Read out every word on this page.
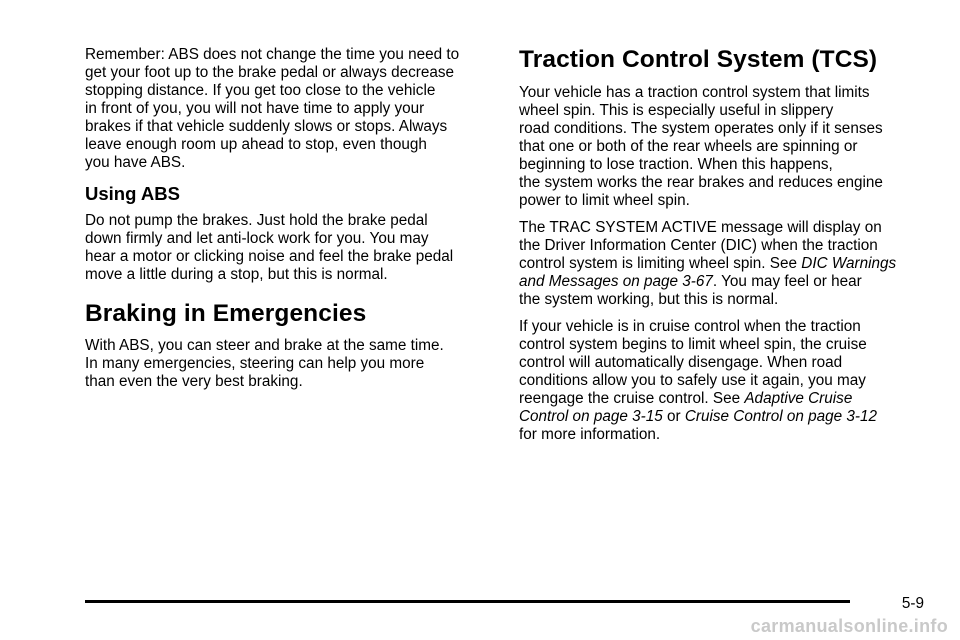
Remember: ABS does not change the time you need to
get your foot up to the brake pedal or always decrease
stopping distance. If you get too close to the vehicle
in front of you, you will not have time to apply your
brakes if that vehicle suddenly slows or stops. Always
leave enough room up ahead to stop, even though
you have ABS.

Using ABS

Do not pump the brakes. Just hold the brake pedal
down firmly and let anti-lock work for you. You may
hear a motor or clicking noise and feel the brake pedal
move a little during a stop, but this is normal.

Braking in Emergencies

With ABS, you can steer and brake at the same time.
In many emergencies, steering can help you more
than even the very best braking.

Traction Control System (TCS)

Your vehicle has a traction control system that limits
wheel spin. This is especially useful in slippery
road conditions. The system operates only if it senses
that one or both of the rear wheels are spinning or
beginning to lose traction. When this happens,
the system works the rear brakes and reduces engine
power to limit wheel spin.

The TRAC SYSTEM ACTIVE message will display on
the Driver Information Center (DIC) when the traction
control system is limiting wheel spin. See DIC Warnings
and Messages on page 3-67. You may feel or hear
the system working, but this is normal.

If your vehicle is in cruise control when the traction
control system begins to limit wheel spin, the cruise
control will automatically disengage. When road
conditions allow you to safely use it again, you may
reengage the cruise control. See Adaptive Cruise
Control on page 3-15 or Cruise Control on page 3-12
for more information.

5-9
carmanualsonline.info
